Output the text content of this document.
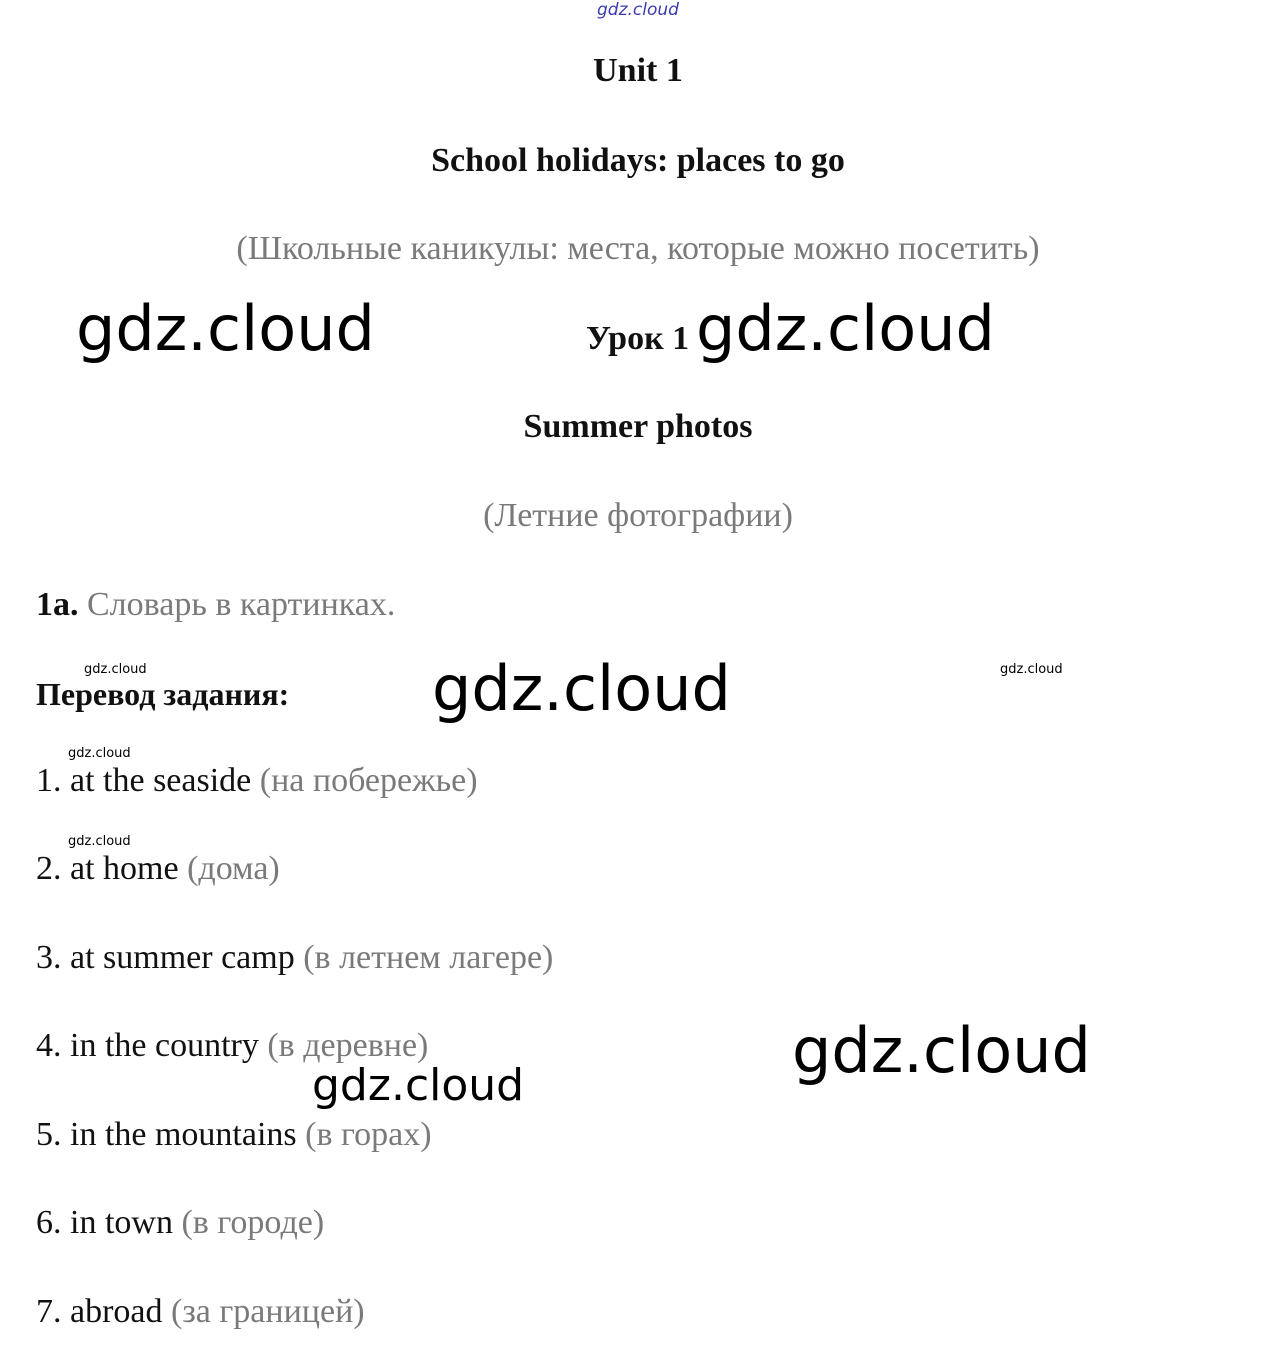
gdz.cloud
Unit 1
School holidays: places to go
(Школьные каникулы: места, которые можно посетить)
Урок 1
Summer photos
(Летние фотографии)
gdz.cloud	gdz.cloud
1a. Словарь в картинках.
gdz.cloud	gdz.cloud
Перевод задания: gdz.cloud
gdz.cloud
1. at the seaside (на побережье)
gdz.cloud
2. at home (дома)
3. at summer camp (в летнем лагере)
4. in the country (в деревне)	gdz.cloud
gdz.cloud
5. in the mountains (в горах)
6. in town (в городе)
7. abroad (за границей)
